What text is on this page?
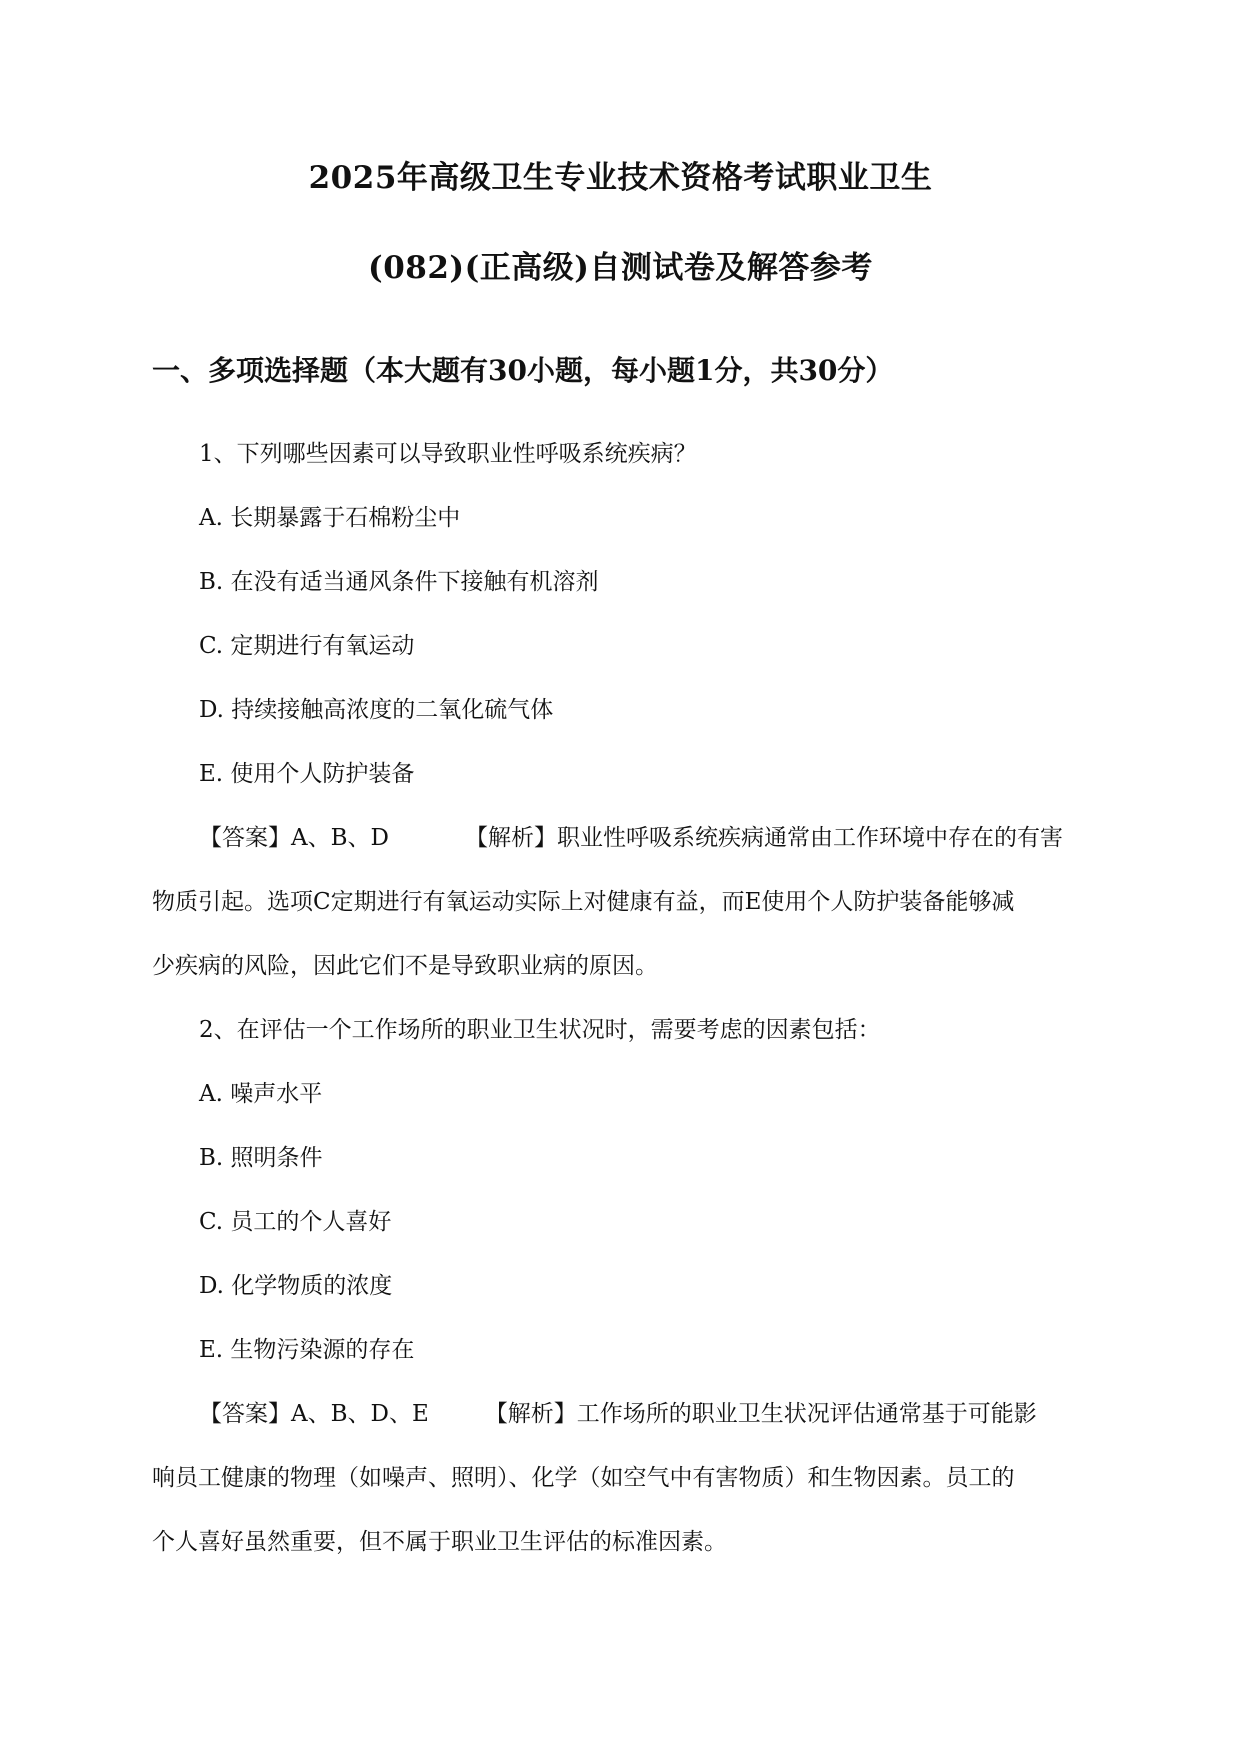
2025年高级卫生专业技术资格考试职业卫生
(082)(正高级)自测试卷及解答参考
一、多项选择题（本大题有30小题，每小题1分，共30分）

1、下列哪些因素可以导致职业性呼吸系统疾病？

A. 长期暴露于石棉粉尘中

B. 在没有适当通风条件下接触有机溶剂

C. 定期进行有氧运动

D. 持续接触高浓度的二氧化硫气体

E. 使用个人防护装备

【答案】A、B、D	【解析】职业性呼吸系统疾病通常由工作环境中存在的有害

物质引起。选项C定期进行有氧运动实际上对健康有益，而E使用个人防护装备能够减

少疾病的风险，因此它们不是导致职业病的原因。

2、在评估一个工作场所的职业卫生状况时，需要考虑的因素包括：

A. 噪声水平

B. 照明条件

C. 员工的个人喜好

D. 化学物质的浓度

E. 生物污染源的存在

【答案】A、B、D、E 【解析】工作场所的职业卫生状况评估通常基于可能影

响员工健康的物理（如噪声、照明）、化学（如空气中有害物质）和生物因素。员工的

个人喜好虽然重要，但不属于职业卫生评估的标准因素。
